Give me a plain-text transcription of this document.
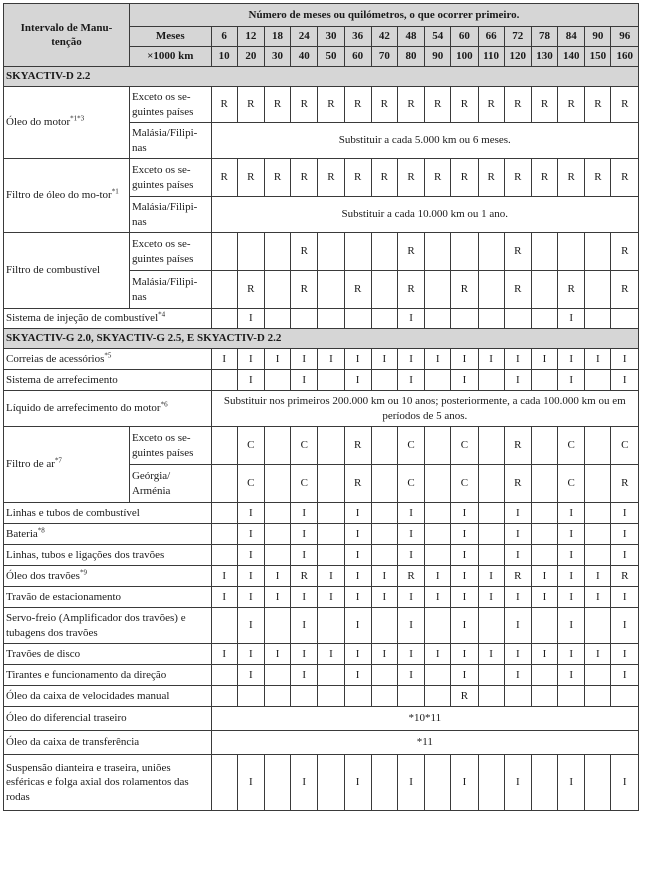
Intervalo de Manu-tenção	Número de meses ou quilómetros, o que ocorrer primeiro.																
	Meses	6	12	18	24	30	36	42	48	54	60	66	72	78	84	90	96
	×1000 km	10	20	30	40	50	60	70	80	90	100	110	120	130	140	150	160
SKYACTIV-D 2.2																	
Óleo do motor$^{*1*3}$	Exceto os se-guintes países	R	R	R	R	R	R	R	R	R	R	R	R	R	R	R	R
	Malásia/Filipi-nas	Substituir a cada 5.000 km ou 6 meses.															
Filtro de óleo do mo-tor$^{*1}$	Exceto os se-guintes países	R	R	R	R	R	R	R	R	R	R	R	R	R	R	R	R
	Malásia/Filipi-nas	Substituir a cada 10.000 km ou 1 ano.															
Filtro de combustível	Exceto os se-guintes países				R				R				R				R
	Malásia/Filipi-nas		R		R		R		R		R		R		R		R
Sistema de injeção de combustível$^{*4}$			I						I						I		
SKYACTIV-G 2.0, SKYACTIV-G 2.5, E SKYACTIV-D 2.2																	
Correias de acessórios$^{*5}$		I	I	I	I	I	I	I	I	I	I	I	I	I	I	I	I
Sistema de arrefecimento			I		I		I		I		I		I		I		I
Líquido de arrefecimento do motor$^{*6}$		Substituir nos primeiros 200.000 km ou 10 anos; posteriormente, a cada 100.000 km ou em períodos de 5 anos.															
Filtro de $ar^{*7}$	Exceto os se-guintes países		C		C		R		C		C		R		C		C
	Geórgia/ Arménia		C		C		R		C		C		R		C		R
Linhas e tubos de combustível			I		I		I		I		I		I		I		I
Bateria$^{*8}$			I		I		I		I		I		I		I		I
Linhas, tubos e ligações dos travões			I		I		I		I		I		I		I		I
Óleo dos travões$^{*9}$		I	I	I	R	I	I	I	R	I	I	I	R	I	I	I	R
Travão de estacionamento		I	I	I	I	I	I	I	I	I	I	I	I	I	I	I	I
Servo-freio (Amplificador dos travões) e tubagens dos travões			I		I		I		I		I		I		I		I
Travões de disco		I	I	I	I	I	I	I	I	I	I	I	I	I	I	I	I
Tirantes e funcionamento da direção			I		I		I		I		I		I		I		I
Óleo da caixa de velocidades manual											R						
Óleo do diferencial traseiro		*10*11															
Óleo da caixa de transferência		*11															
Suspensão dianteira e traseira, uniões esféricas e folga axial dos rolamentos das rodas			I		I		I		I		I		I		I		I
